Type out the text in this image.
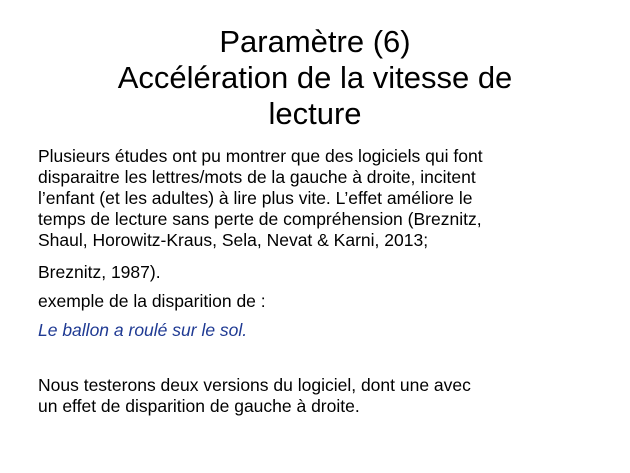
Paramètre (6)
Accélération de la vitesse de
lecture

Plusieurs études ont pu montrer que des logiciels qui font

disparaitre les lettres/mots de la gauche à droite, incitent

l’enfant (et les adultes) à lire plus vite. L’effet améliore le

temps de lecture sans perte de compréhension (Breznitz,

Shaul, Horowitz-Kraus, Sela, Nevat & Karni, 2013;

Breznitz, 1987).

exemple de la disparition de :

Le ballon a roulé sur le sol.

Nous testerons deux versions du logiciel, dont une avec

un effet de disparition de gauche à droite.
